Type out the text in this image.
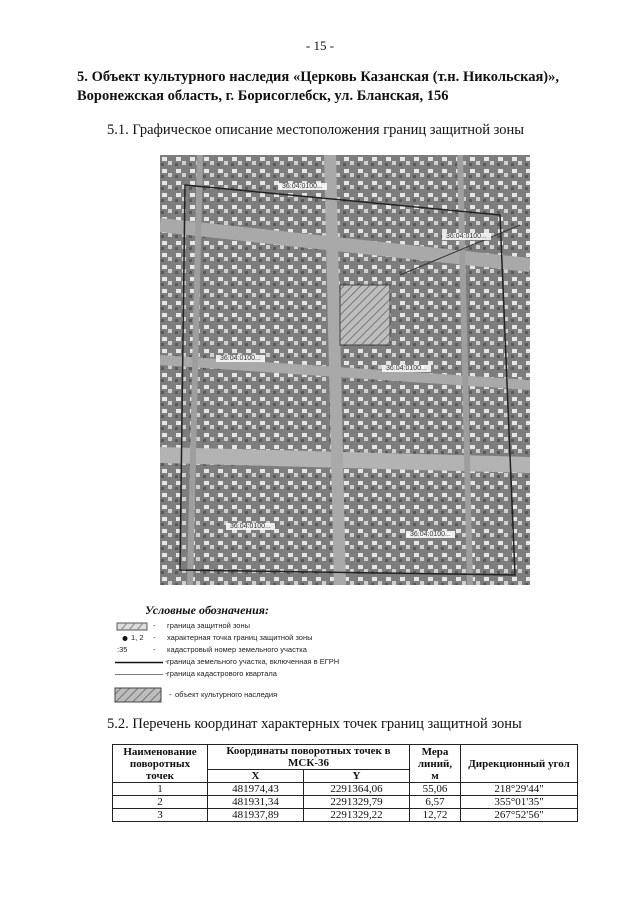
- 15 -
5. Объект культурного наследия «Церковь Казанская (т.н. Никольская)», Воронежская область, г. Борисоглебск, ул. Бланская, 156
5.1. Графическое описание местоположения границ защитной зоны
36:04:0100...
36:04:0100...
36:04:0100...
36:04:0100...
36:04:0100...
36:04:0100...
Условные обозначения:
- граница защитной зоны
1, 2 - характерная точка границ защитной зоны
:35	- кадастровый номер земельного участка
- граница земельного участка, включенная в ЕГРН
- граница кадастрового квартала
- объект культурного наследия
5.2. Перечень координат характерных точек границ защитной зоны
Наименование поворотных точек	Координаты поворотных точек в МСК-36		Мера линий, м	Дирекционный угол
	X	Y		
1	481974,43	2291364,06	55,06	218°29'44"
2	481931,34	2291329,79	6,57	355°01'35"
3	481937,89	2291329,22	12,72	267°52'56"
